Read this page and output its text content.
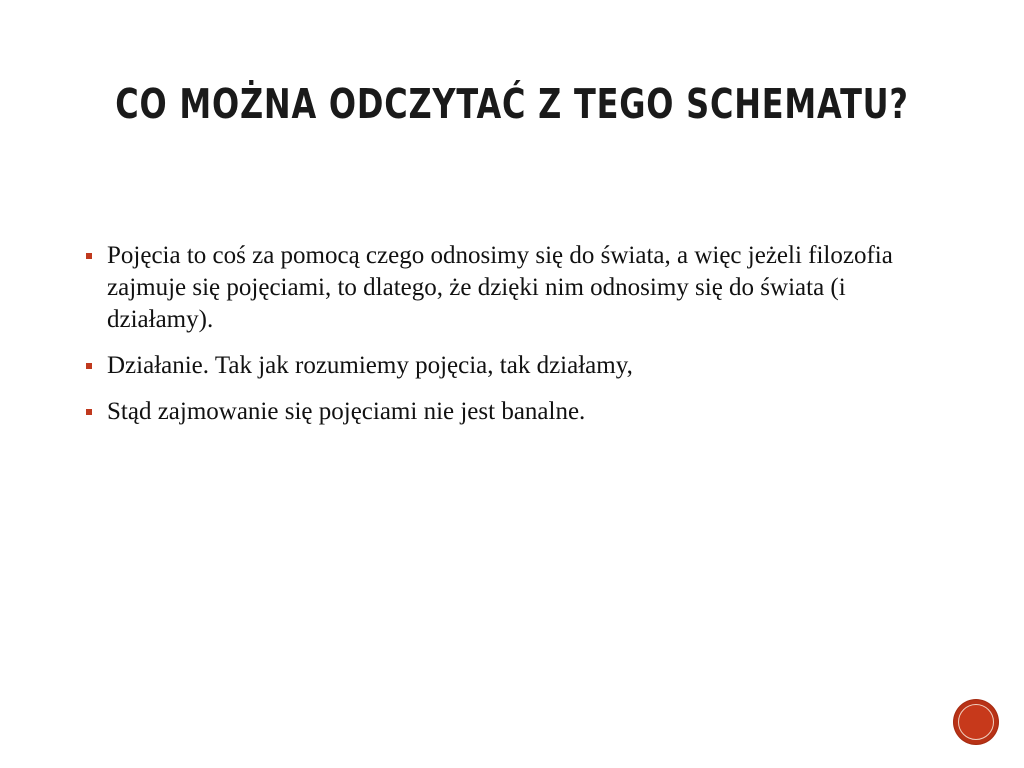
CO MOŻNA ODCZYTAĆ Z TEGO SCHEMATU?
Pojęcia to coś za pomocą czego odnosimy się do świata, a więc jeżeli filozofia zajmuje się pojęciami, to dlatego, że dzięki nim odnosimy się do świata (i działamy).
Działanie. Tak jak rozumiemy pojęcia, tak działamy,
Stąd zajmowanie się pojęciami nie jest banalne.
